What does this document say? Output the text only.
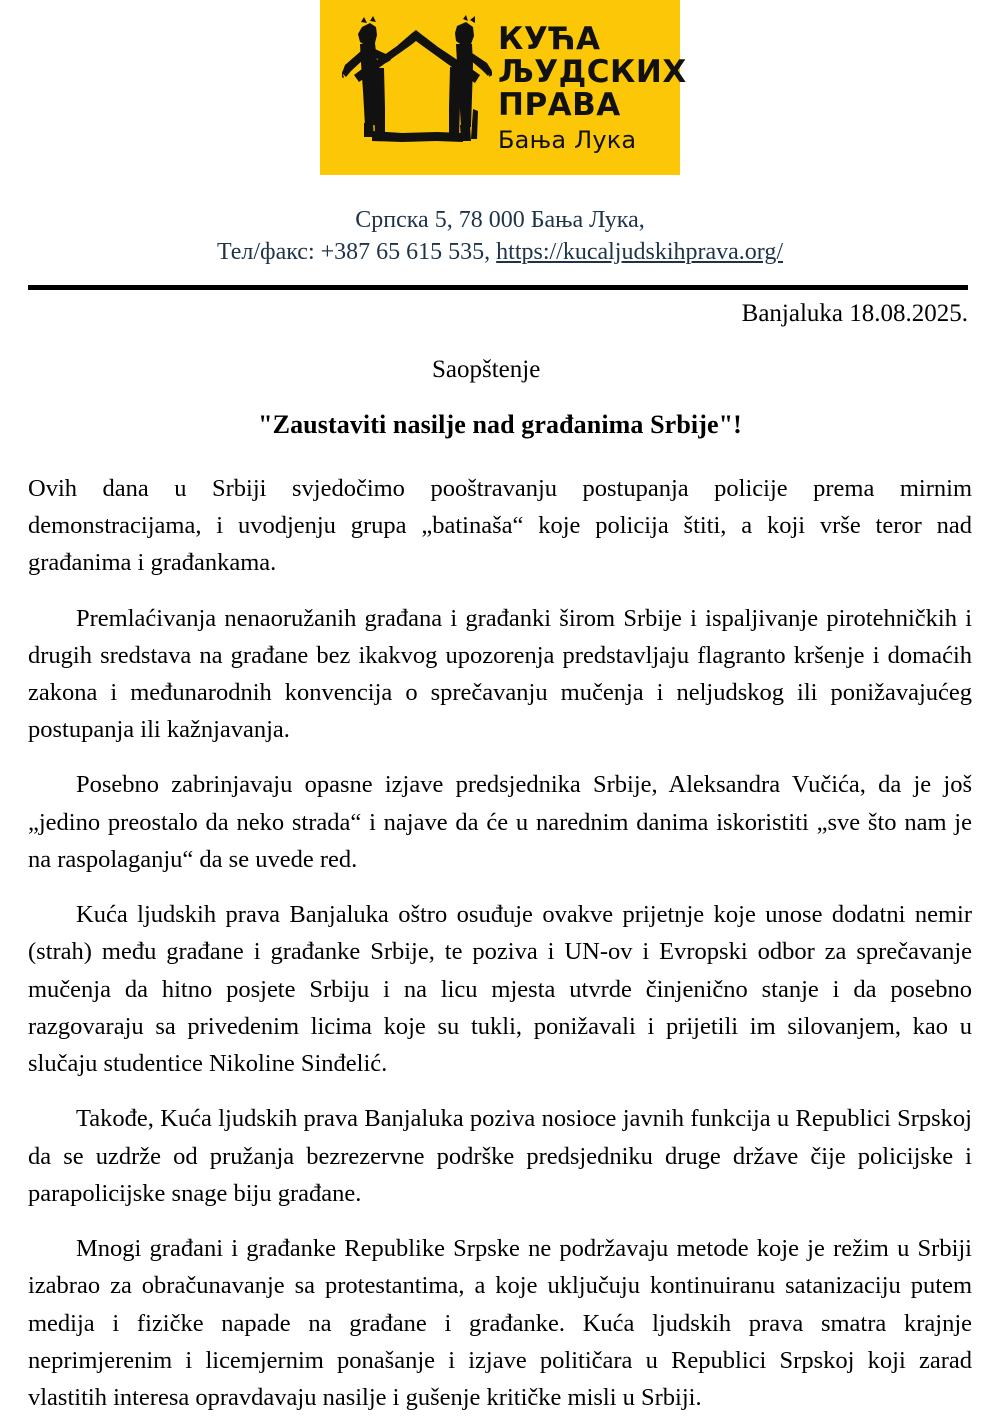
КУЋА
ЉУДСКИХ
ПРАВА
Бања Лука
Српска 5, 78 000 Бања Лука,
Тел/факс: +387 65 615 535, https://kucaljudskihprava.org/
Banjaluka 18.08.2025.
Saopštenje
"Zaustaviti nasilje nad građanima Srbije"!

Ovih dana u Srbiji svjedočimo pooštravanju postupanja policije prema mirnim demonstracijama, i uvodjenju grupa „batinaša“ koje policija štiti, a koji vrše teror nad građanima i građankama.

Premlaćivanja nenaoružanih građana i građanki širom Srbije i ispaljivanje pirotehničkih i drugih sredstava na građane bez ikakvog upozorenja predstavljaju flagranto kršenje i domaćih zakona i međunarodnih konvencija o sprečavanju mučenja i neljudskog ili ponižavajućeg postupanja ili kažnjavanja.

Posebno zabrinjavaju opasne izjave predsjednika Srbije, Aleksandra Vučića, da je još „jedino preostalo da neko strada“ i najave da će u narednim danima iskoristiti „sve što nam je na raspolaganju“ da se uvede red.

Kuća ljudskih prava Banjaluka oštro osuđuje ovakve prijetnje koje unose dodatni nemir (strah) među građane i građanke Srbije, te poziva i UN-ov i Evropski odbor za sprečavanje mučenja da hitno posjete Srbiju i na licu mjesta utvrde činjenično stanje i da posebno razgovaraju sa privedenim licima koje su tukli, ponižavali i prijetili im silovanjem, kao u slučaju studentice Nikoline Sinđelić.

Takođe, Kuća ljudskih prava Banjaluka poziva nosioce javnih funkcija u Republici Srpskoj da se uzdrže od pružanja bezrezervne podrške predsjedniku druge države čije policijske i parapolicijske snage biju građane.

Mnogi građani i građanke Republike Srpske ne podržavaju metode koje je režim u Srbiji izabrao za obračunavanje sa protestantima, a koje uključuju kontinuiranu satanizaciju putem medija i fizičke napade na građane i građanke. Kuća ljudskih prava smatra krajnje neprimjerenim i licemjernim ponašanje i izjave političara u Republici Srpskoj koji zarad vlastitih interesa opravdavaju nasilje i gušenje kritičke misli u Srbiji.
